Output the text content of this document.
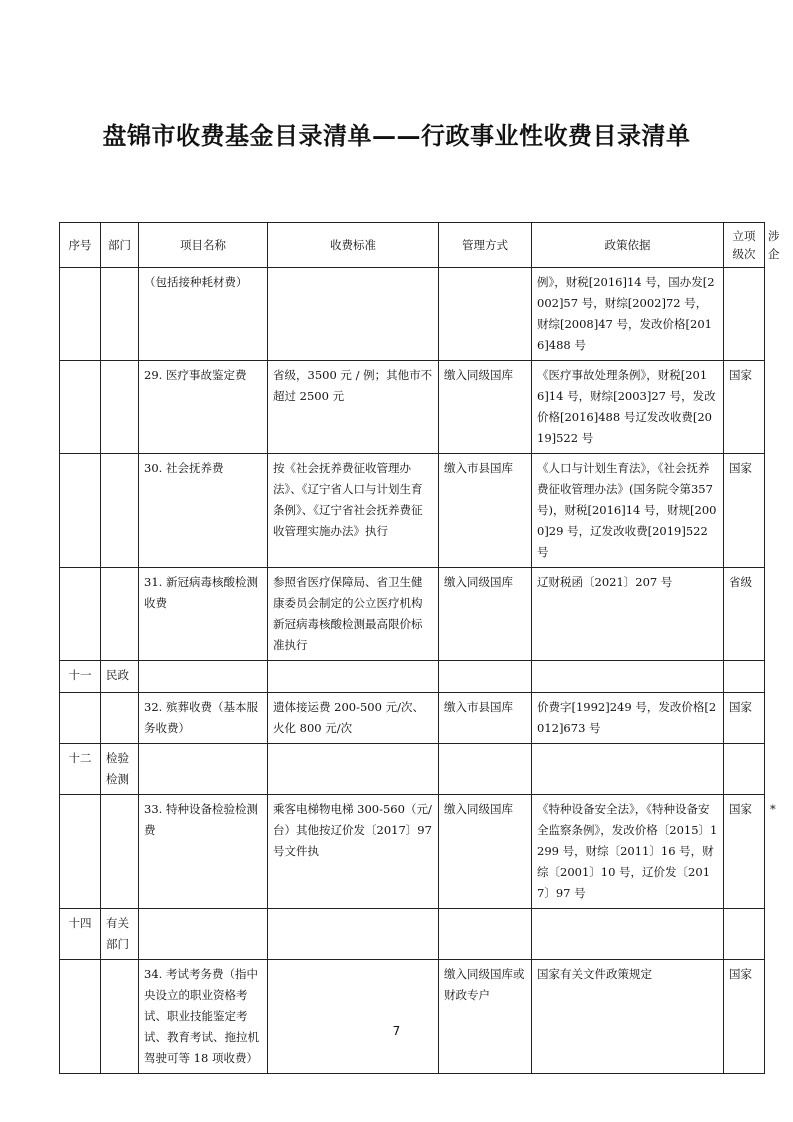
盘锦市收费基金目录清单——行政事业性收费目录清单
序号	部门	项目名称	收费标准	管理方式	政策依据	立项级次	涉企
		（包括接种耗材费）			例》，财税[2016]14 号，国办发[2002]57 号，财综[2002]72 号，财综[2008]47 号，发改价格[2016]488 号		
		29. 医疗事故鉴定费	省级，3500 元 / 例；其他市不超过 2500 元	缴入同级国库	《医疗事故处理条例》，财税[2016]14 号，财综[2003]27 号，发改价格[2016]488 号辽发改收费[2019]522 号	国家	
		30. 社会抚养费	按《社会抚养费征收管理办法》、《辽宁省人口与计划生育条例》、《辽宁省社会抚养费征收管理实施办法》执行	缴入市县国库	《人口与计划生育法》，《社会抚养费征收管理办法》(国务院令第357 号)，财税[2016]14 号，财规[2000]29 号，辽发改收费[2019]522 号	国家	
		31. 新冠病毒核酸检测收费	参照省医疗保障局、省卫生健康委员会制定的公立医疗机构新冠病毒核酸检测最高限价标准执行	缴入同级国库	辽财税函〔2021〕207 号	省级	
十一	民政						
		32. 殡葬收费（基本服务收费）	遗体接运费 200-500 元/次、火化 800 元/次	缴入市县国库	价费字[1992]249 号，发改价格[2012]673 号	国家	
十二	检验检测						
		33. 特种设备检验检测费	乘客电梯物电梯 300-560（元/台）其他按辽价发〔2017〕97 号文件执	缴入同级国库	《特种设备安全法》，《特种设备安全监察条例》，发改价格〔2015〕1299 号，财综〔2011〕16 号，财综〔2001〕10 号，辽价发〔2017〕97 号	国家	*
十四	有关部门						
		34. 考试考务费（指中央设立的职业资格考试、职业技能鉴定考试、教育考试、拖拉机驾驶可等 18 项收费）		缴入同级国库或财政专户	国家有关文件政策规定	国家	
7
